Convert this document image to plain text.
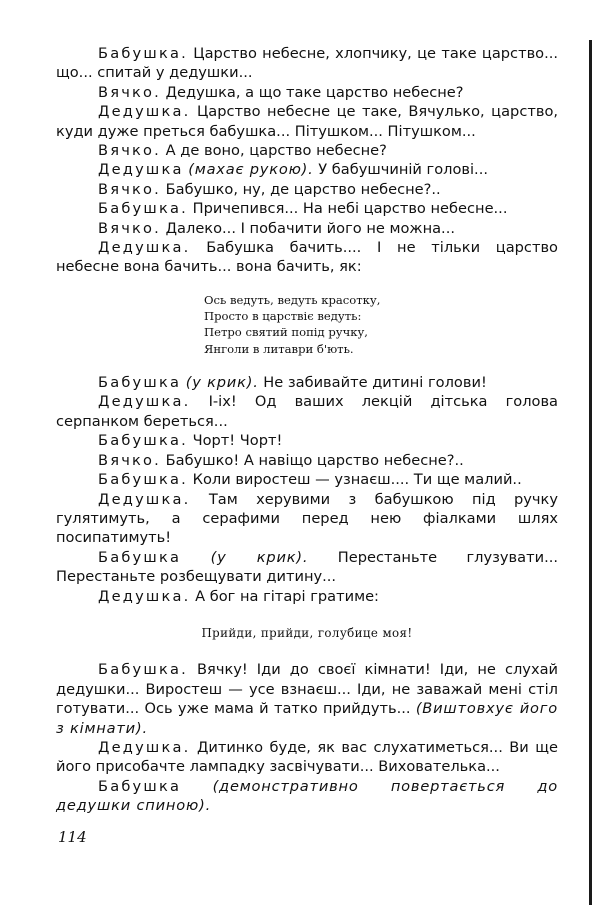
Бабушка. Царство небесне, хлопчику, це таке царство... що... спитай у дедушки...

Вячко. Дедушка, а що таке царство небесне?

Дедушка. Царство небесне це таке, Вячулько, царство, куди дуже преться бабушка... Пітушком... Пітушком...

Вячко. А де воно, царство небесне?

Дедушка (махає рукою). У бабушчиній голові...

Вячко. Бабушко, ну, де царство небесне?..

Бабушка. Причепився... На небі царство небесне...

Вячко. Далеко... І побачити його не можна...

Дедушка. Бабушка бачить.... І не тільки царство небесне вона бачить... вона бачить, як:

Ось ведуть, ведуть красотку,
Просто в царствіє ведуть:
Петро святий попід ручку,
Янголи в литаври б'ють.

Бабушка (у крик). Не забивайте дитині голови!

Дедушка. І-іх! Од ваших лекцій дітська голова серпанком береться...

Бабушка. Чорт! Чорт!

Вячко. Бабушко! А навіщо царство небесне?..

Бабушка. Коли виростеш — узнаєш.... Ти ще малий..

Дедушка. Там херувими з бабушкою під ручку гулятимуть, а серафими перед нею фіалками шлях посипатимуть!

Бабушка (у крик). Перестаньте глузувати... Перестаньте розбещувати дитину...

Дедушка. А бог на гітарі гратиме:

Прийди, прийди, голубице моя!

Бабушка. Вячку! Іди до своєї кімнати! Іди, не слухай дедушки... Виростеш — усе взнаєш... Іди, не заважай мені стіл готувати... Ось уже мама й татко прийдуть... (Виштовхує його з кімнати).

Дедушка. Дитинко буде, як вас слухатиметься... Ви ще його присобачте лампадку засвічувати... Вихователька...

Бабушка (демонстративно повертається до дедушки спиною).

114
